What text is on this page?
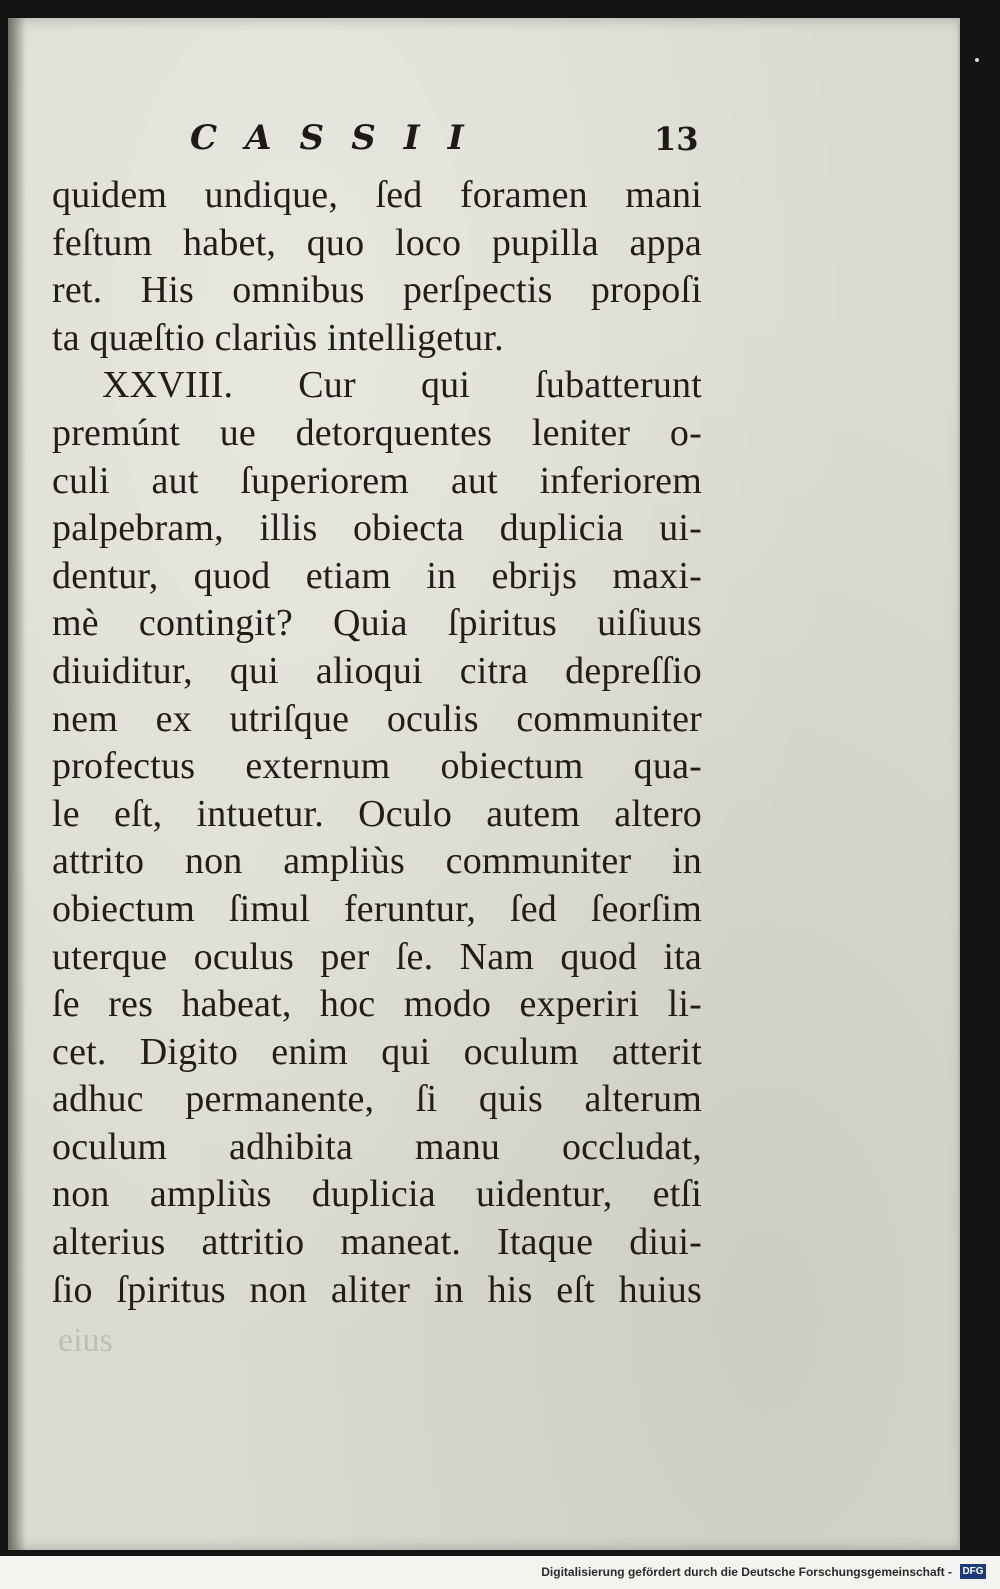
CASSII	13
quidem undique, ſed foramen mani
feſtum habet, quo loco pupilla appa
ret. His omnibus perſpectis propoſi
ta quæſtio clariùs intelligetur.
XXVIII. Cur qui ſubatterunt
premúnt ue detorquentes leniter o-
culi aut ſuperiorem aut inferiorem
palpebram, illis obiecta duplicia ui-
dentur, quod etiam in ebrijs maxi-
mè contingit? Quia ſpiritus uiſiuus
diuiditur, qui alioqui citra depreſſio
nem ex utriſque oculis communiter
profectus externum obiectum qua-
le eſt, intuetur. Oculo autem altero
attrito non ampliùs communiter in
obiectum ſimul feruntur, ſed ſeorſim
uterque oculus per ſe. Nam quod ita
ſe res habeat, hoc modo experiri li-
cet. Digito enim qui oculum atterit
adhuc permanente, ſi quis alterum
oculum adhibita manu occludat,
non ampliùs duplicia uidentur, etſi
alterius attritio maneat. Itaque diui-
ſio ſpiritus non aliter in his eſt huius
eius
Digitalisierung gefördert durch die Deutsche Forschungsgemeinschaft - DFG
